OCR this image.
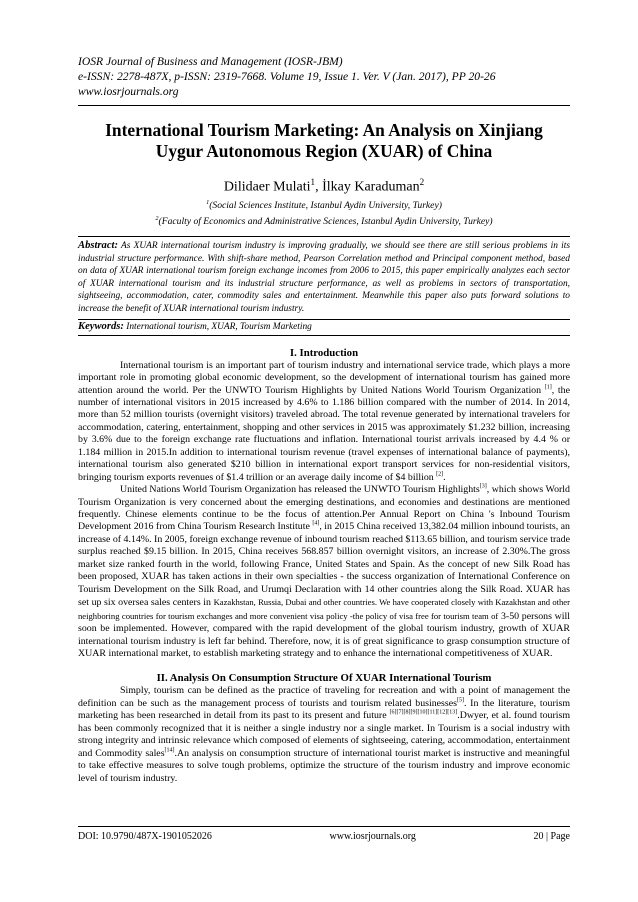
IOSR Journal of Business and Management (IOSR-JBM)
e-ISSN: 2278-487X, p-ISSN: 2319-7668. Volume 19, Issue 1. Ver. V (Jan. 2017), PP 20-26
www.iosrjournals.org
International Tourism Marketing: An Analysis on Xinjiang
Uygur Autonomous Region (XUAR) of China
Dilidaer Mulati$^1$, İlkay Karaduman$^2$
$^1$(Social Sciences Institute, Istanbul Aydin University, Turkey)
$^2$(Faculty of Economics and Administrative Sciences, Istanbul Aydin University, Turkey)
Abstract: As XUAR international tourism industry is improving gradually, we should see there are still serious problems in its industrial structure performance. With shift-share method, Pearson Correlation method and Principal component method, based on data of XUAR international tourism foreign exchange incomes from 2006 to 2015, this paper empirically analyzes each sector of XUAR international tourism and its industrial structure performance, as well as problems in sectors of transportation, sightseeing, accommodation, cater, commodity sales and entertainment. Meanwhile this paper also puts forward solutions to increase the benefit of XUAR international tourism industry.
Keywords: International tourism, XUAR, Tourism Marketing
I. Introduction
International tourism is an important part of tourism industry and international service trade, which plays a more important role in promoting global economic development, so the development of international tourism has gained more attention around the world. Per the UNWTO Tourism Highlights by United Nations World Tourism Organization [1], the number of international visitors in 2015 increased by 4.6% to 1.186 billion compared with the number of 2014. In 2014, more than 52 million tourists (overnight visitors) traveled abroad. The total revenue generated by international travelers for accommodation, catering, entertainment, shopping and other services in 2015 was approximately $1.232 billion, increasing by 3.6% due to the foreign exchange rate fluctuations and inflation. International tourist arrivals increased by 4.4 % or 1.184 million in 2015.In addition to international tourism revenue (travel expenses of international balance of payments), international tourism also generated $210 billion in international export transport services for non-residential visitors, bringing tourism exports revenues of $1.4 trillion or an average daily income of $4 billion [2].
United Nations World Tourism Organization has released the UNWTO Tourism Highlights[3], which shows World Tourism Organization is very concerned about the emerging destinations, and economies and destinations are mentioned frequently. Chinese elements continue to be the focus of attention.Per Annual Report on China 's Inbound Tourism Development 2016 from China Tourism Research Institute [4], in 2015 China received 13,382.04 million inbound tourists, an increase of 4.14%. In 2005, foreign exchange revenue of inbound tourism reached $113.65 billion, and tourism service trade surplus reached $9.15 billion. In 2015, China receives 568.857 billion overnight visitors, an increase of 2.30%.The gross market size ranked fourth in the world, following France, United States and Spain. As the concept of new Silk Road has been proposed, XUAR has taken actions in their own specialties - the success organization of International Conference on Tourism Development on the Silk Road, and Urumqi Declaration with 14 other countries along the Silk Road. XUAR has set up six oversea sales centers in Kazakhstan, Russia, Dubai and other countries. We have cooperated closely with Kazakhstan and other neighboring countries for tourism exchanges and more convenient visa policy -the policy of visa free for tourism team of 3-50 persons will soon be implemented. However, compared with the rapid development of the global tourism industry, growth of XUAR international tourism industry is left far behind. Therefore, now, it is of great significance to grasp consumption structure of XUAR international market, to establish marketing strategy and to enhance the international competitiveness of XUAR.
II. Analysis On Consumption Structure Of XUAR International Tourism
Simply, tourism can be defined as the practice of traveling for recreation and with a point of management the definition can be such as the management process of tourists and tourism related businesses[5]. In the literature, tourism marketing has been researched in detail from its past to its present and future [6][7][8][9][10][11][12][13].Dwyer, et al. found tourism has been commonly recognized that it is neither a single industry nor a single market. In Tourism is a social industry with strong integrity and intrinsic relevance which composed of elements of sightseeing, catering, accommodation, entertainment and Commodity sales[14].An analysis on consumption structure of international tourist market is instructive and meaningful to take effective measures to solve tough problems, optimize the structure of the tourism industry and improve economic level of tourism industry.
DOI: 10.9790/487X-1901052026	www.iosrjournals.org	20 | Page
